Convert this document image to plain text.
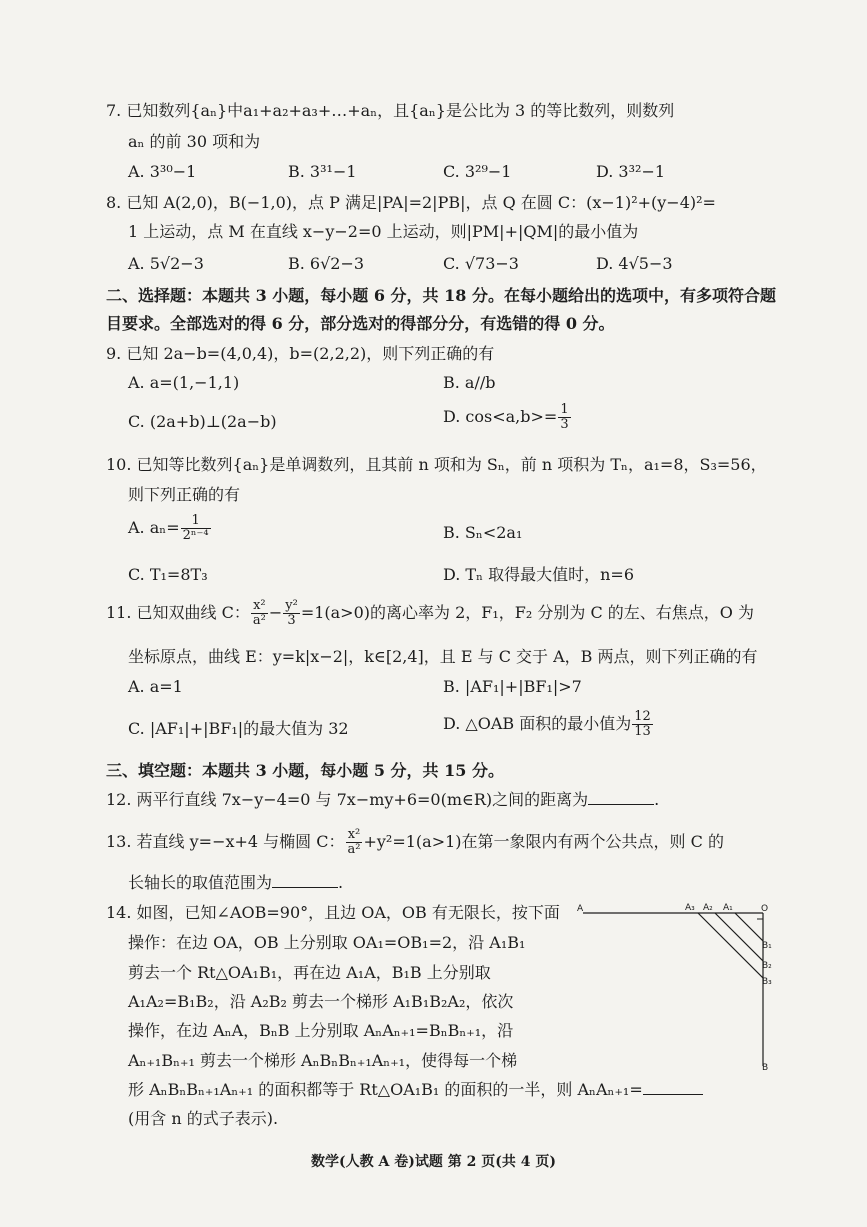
7. 已知数列{aₙ}中a₁+a₂+a₃+…+aₙ，且{aₙ}是公比为 3 的等比数列，则数列
aₙ 的前 30 项和为
A. 3³⁰−1	B. 3³¹−1	C. 3²⁹−1	D. 3³²−1
8. 已知 A(2,0)，B(−1,0)，点 P 满足|PA|=2|PB|，点 Q 在圆 C：(x−1)²+(y−4)²=
1 上运动，点 M 在直线 x−y−2=0 上运动，则|PM|+|QM|的最小值为
A. 5√2−3	B. 6√2−3	C. √73−3	D. 4√5−3
二、选择题：本题共 3 小题，每小题 6 分，共 18 分。在每小题给出的选项中，有多项符合题
目要求。全部选对的得 6 分，部分选对的得部分分，有选错的得 0 分。
9. 已知 2a−b=(4,0,4)，b=(2,2,2)，则下列正确的有
A. a=(1,−1,1)	B. a//b
C. (2a+b)⊥(2a−b)	D. $\cos<a,b>= \frac{1}{3}$
10. 已知等比数列{aₙ}是单调数列，且其前 n 项和为 Sₙ，前 n 项积为 Tₙ，a₁=8，S₃=56，
则下列正确的有
A. $a_n= \frac{1}{\text{2ⁿ⁻⁴}}$	B. Sₙ<2a₁
C. T₁=8T₃	D. Tₙ 取得最大值时，n=6
11. 已知双曲线 C： $\frac{\text{x²}}{\text{a²}} - \frac{\text{y²}}{3} =1(a>0)$的离心率为 2，F₁，F₂ 分别为 C 的左、右焦点，O 为
坐标原点，曲线 E：y=k|x−2|，k∈[2,4]，且 E 与 C 交于 A，B 两点，则下列正确的有
A. a=1	B. |AF₁|+|BF₁|>7
C. |AF₁|+|BF₁|的最大值为 32	D. △OAB 面积的最小值为 $\frac{12}{13}$
三、填空题：本题共 3 小题，每小题 5 分，共 15 分。
12. 两平行直线 7x−y−4=0 与 7x−my+6=0(m∈R)之间的距离为	.
13. 若直线 y=−x+4 与椭圆 C： $\frac{\text{x²}}{\text{a²}} +y^2=1(a>1)$在第一象限内有两个公共点，则 C 的
长轴长的取值范围为	.
14. 如图，已知∠AOB=90°，且边 OA，OB 有无限长，按下面
操作：在边 OA，OB 上分别取 OA₁=OB₁=2，沿 A₁B₁
剪去一个 Rt△OA₁B₁，再在边 A₁A，B₁B 上分别取
A₁A₂=B₁B₂，沿 A₂B₂ 剪去一个梯形 A₁B₁B₂A₂，依次
操作，在边 AₙA，BₙB 上分别取 AₙAₙ₊₁=BₙBₙ₊₁，沿
Aₙ₊₁Bₙ₊₁ 剪去一个梯形 AₙBₙBₙ₊₁Aₙ₊₁，使得每一个梯
形 AₙBₙBₙ₊₁Aₙ₊₁ 的面积都等于 Rt△OA₁B₁ 的面积的一半，则 AₙAₙ₊₁=
(用含 n 的式子表示).
A	A₃ A₂ A₁	O
B₁
B₂
B₃
B
数学(人教 A 卷)试题 第 2 页(共 4 页)
